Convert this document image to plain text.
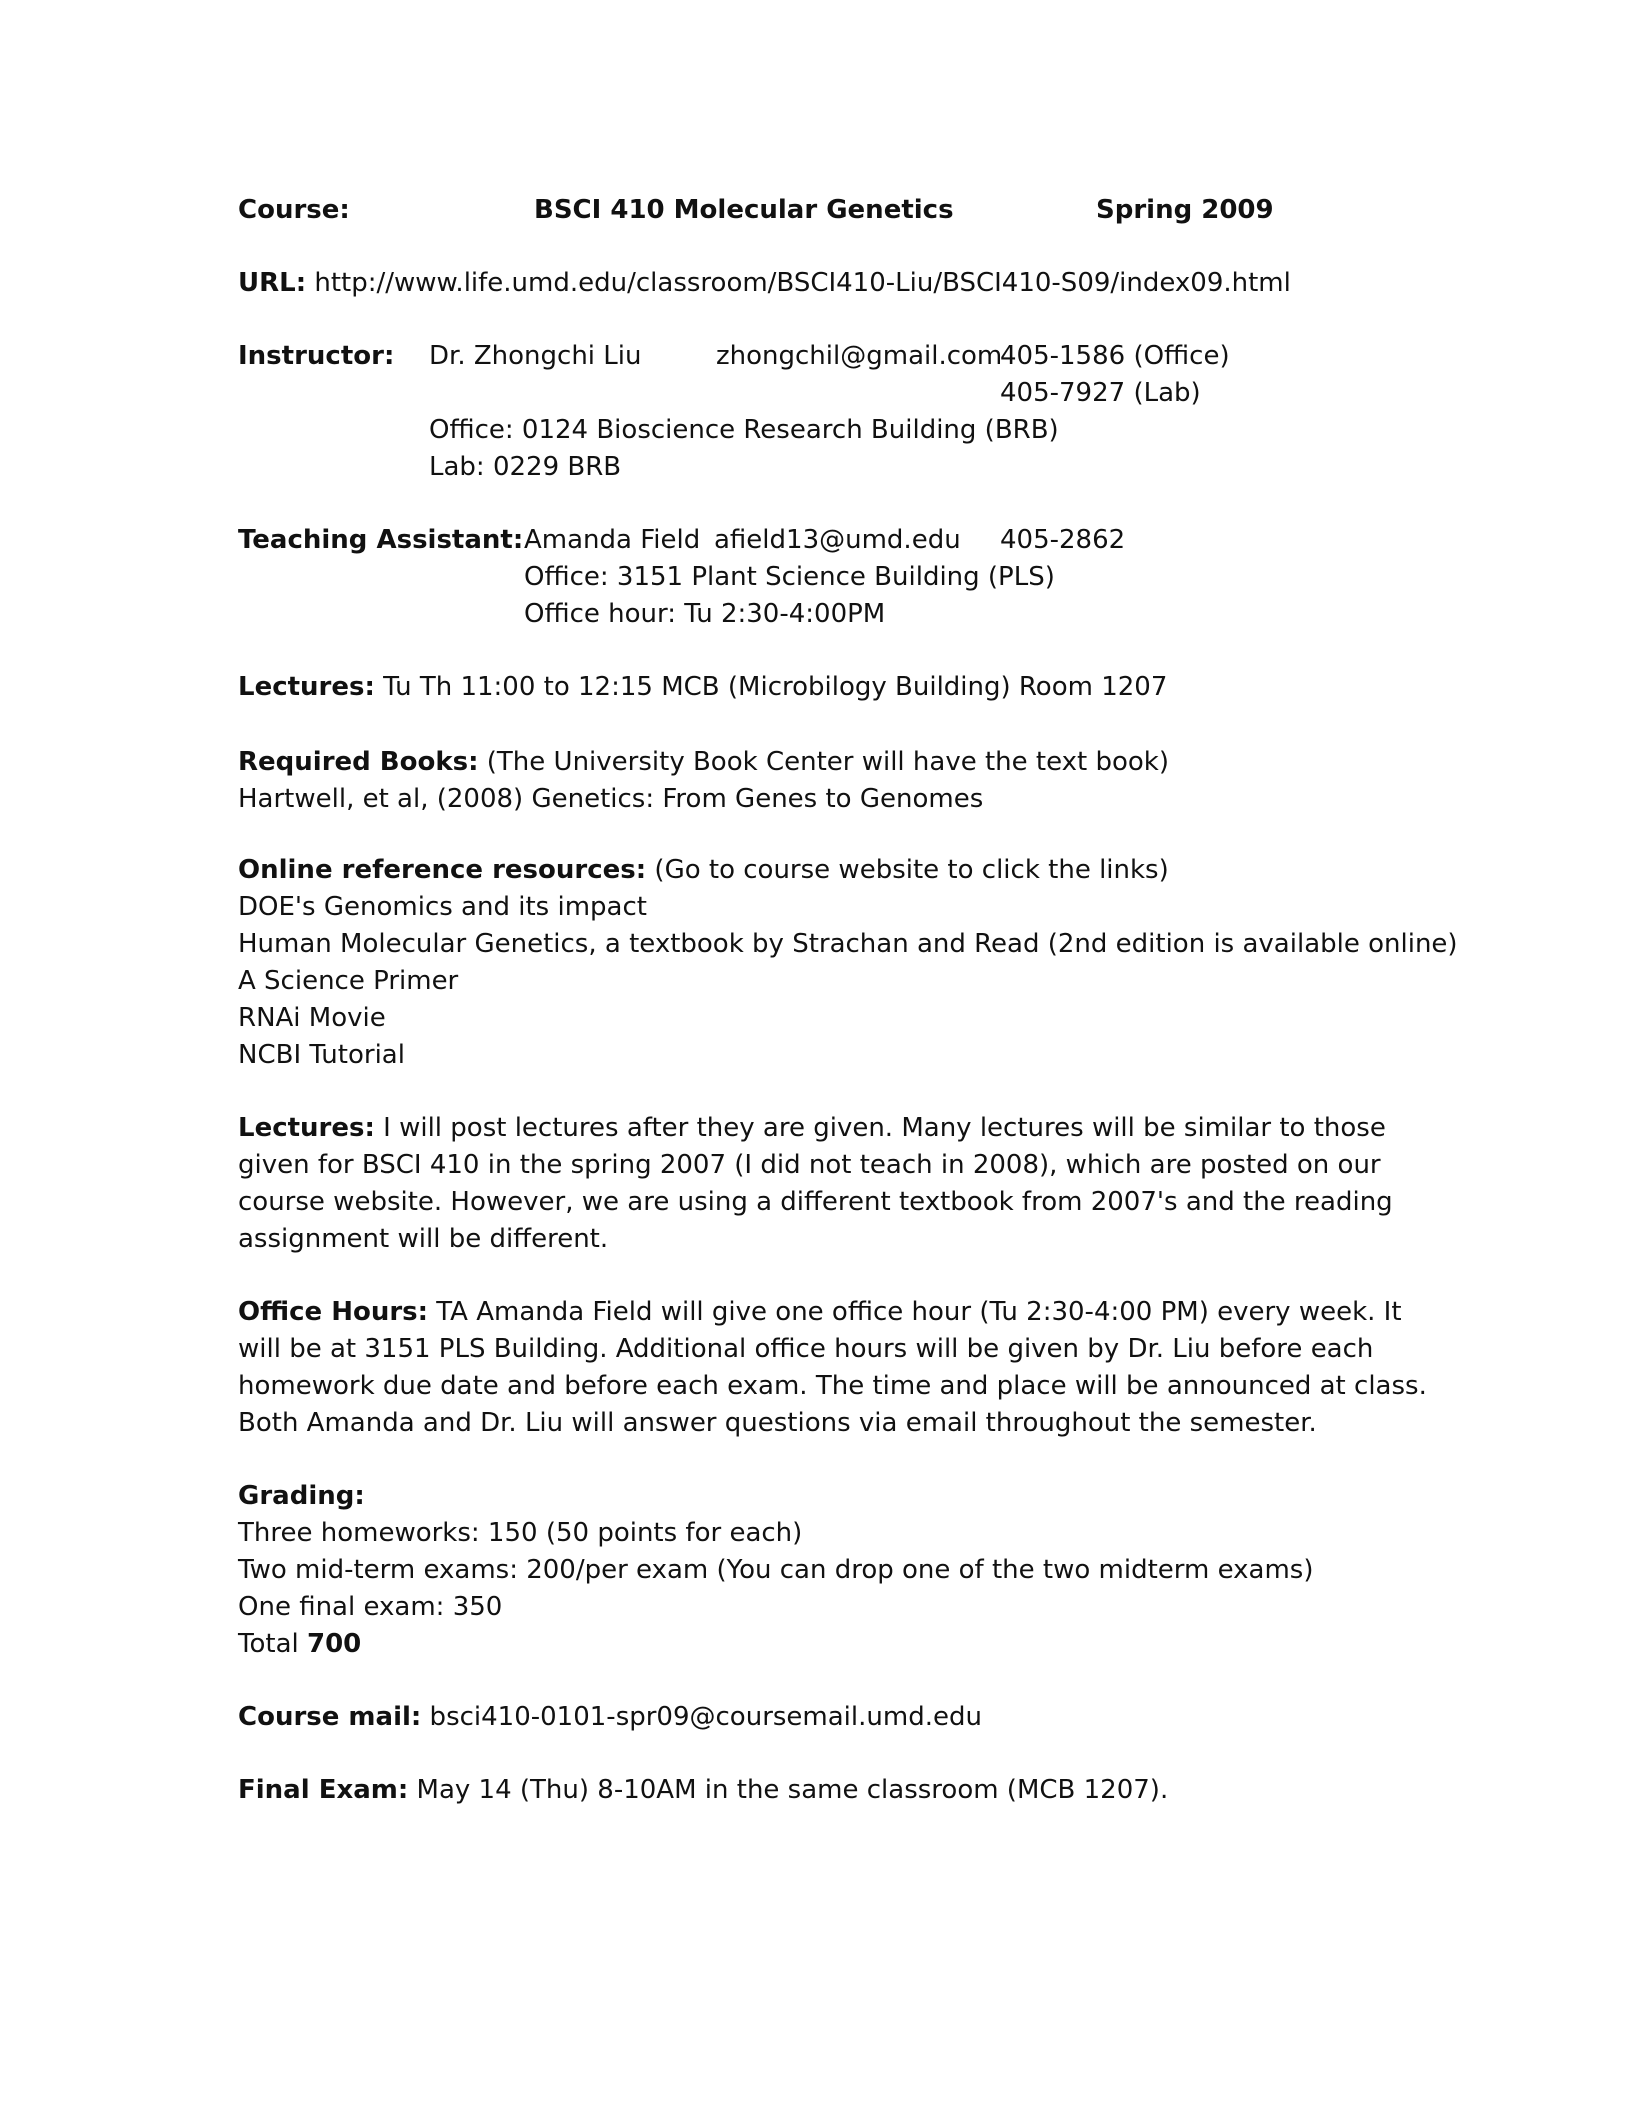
Course:	BSCI 410 Molecular Genetics	Spring 2009
URL: http://www.life.umd.edu/classroom/BSCI410-Liu/BSCI410-S09/index09.html
Instructor: Dr. Zhongchi Liu	zhongchil@gmail.com
405-1586 (Office)
405-7927 (Lab)
Office: 0124 Bioscience Research Building (BRB)
Lab: 0229 BRB
Teaching Assistant: Amanda Field afield13@umd.edu 405-2862
Office: 3151 Plant Science Building (PLS)
Office hour: Tu 2:30-4:00PM
Lectures: Tu Th 11:00 to 12:15 MCB (Microbilogy Building) Room 1207
Required Books: (The University Book Center will have the text book)
Hartwell, et al, (2008) Genetics: From Genes to Genomes
Online reference resources: (Go to course website to click the links)
DOE's Genomics and its impact
Human Molecular Genetics, a textbook by Strachan and Read (2nd edition is available online)
A Science Primer
RNAi Movie
NCBI Tutorial
Lectures: I will post lectures after they are given. Many lectures will be similar to those
given for BSCI 410 in the spring 2007 (I did not teach in 2008), which are posted on our
course website. However, we are using a different textbook from 2007's and the reading
assignment will be different.
Office Hours: TA Amanda Field will give one office hour (Tu 2:30-4:00 PM) every week. It
will be at 3151 PLS Building. Additional office hours will be given by Dr. Liu before each
homework due date and before each exam. The time and place will be announced at class.
Both Amanda and Dr. Liu will answer questions via email throughout the semester.
Grading:
Three homeworks: 150 (50 points for each)
Two mid-term exams: 200/per exam (You can drop one of the two midterm exams)
One final exam: 350
Total 700
Course mail: bsci410-0101-spr09@coursemail.umd.edu
Final Exam: May 14 (Thu) 8-10AM in the same classroom (MCB 1207).
